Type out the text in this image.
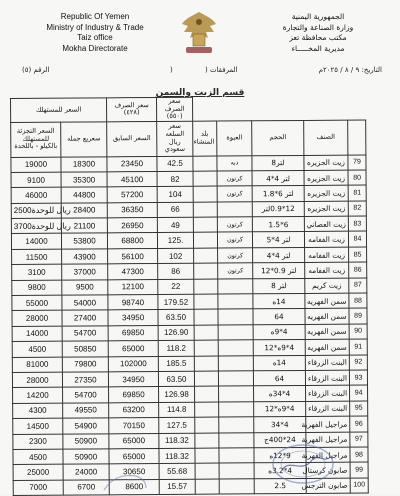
Republic Of Yemen
Ministry of Industry & Trade
Taiz office
Mokha Directorate
الجمهورية اليمنية
وزارة الصناعة والتجارة
مكتب محافظة تعز
مديرية المخـــــاء
الرقم (٥)	)	المرفقات (	التاريخ: ٩ / ٨ / ٢٠٢٥م
قسم الزيت والسمن
السعر للمستهلك		سعر الصرف (٤٢٨)	سعر الصرف (٥٥٠)					
السعر التجزئة للمستهلك بالكيلو - باللحدة	سعريع جمله	السعر السابق	سعر السلعه ريال سعودي	بلد المنشاء	العبوة	الحجم	الصنف	
19000	18300	23450	42.5		دبه	لتر8	زيت الجزيره	79
9100	35300	45100	82		كرتون	لتر 4*4	زيت الجزيره	80
46000	44800	57200	104		كرتون	لتر 6*1.8	زيت الجزيره	81
2500ريال للوحدة	28400	36350	66			12*0.9لتر	زيت الجزيره	82
3700ريال للوحدة	21100	26950	49		كرتون	6*1.5	زيت العصاني	83
14000	53800	68800	125.		كرتون	لتر 4*5	زيت الففامه	84
11500	43900	56100	102		كرتون	لتر 4*4	زيت الففامه	85
3100	37000	47300	86		كرتون	لتر 0.9*12	زيت الففامه	86
9800	9500	12100	22			لتر 8	زيت كريم	87
55000	54000	98740	179.52			14ه	سمن الفهريه	88
28000	27400	34950	63.50			64	سمن الفهريه	89
14000	54700	69850	126.90			4*9ه	سمن الفهريه	90
4500	50850	65000	118.2			4*9ه*12	سمن الفهريه	91
81000	79800	102000	185.5			14ه	البنت الزرقاء	92
28000	27350	34950	63.50			64	البنت الزرقاء	93
14200	54700	69850	126.98			4*34ه	البنت الزرقاء	94
4300	49550	63200	114.8			4*9ه*12	البنت الزرقاء	95
14500	54900	70150	127.5			4*34	مراجيل الفهرية	96
2300	50900	65000	118.32			24*400ج	مراجيل الفهرية	97
4500	50900	65000	118.32			9*12ه	مراجيل الفهرية	98
25000	24000	30650	55.68			4*3.2ه	صابون كرستال	99
7000	6700	8600	15.57			2.5	صابون الترجس	100
